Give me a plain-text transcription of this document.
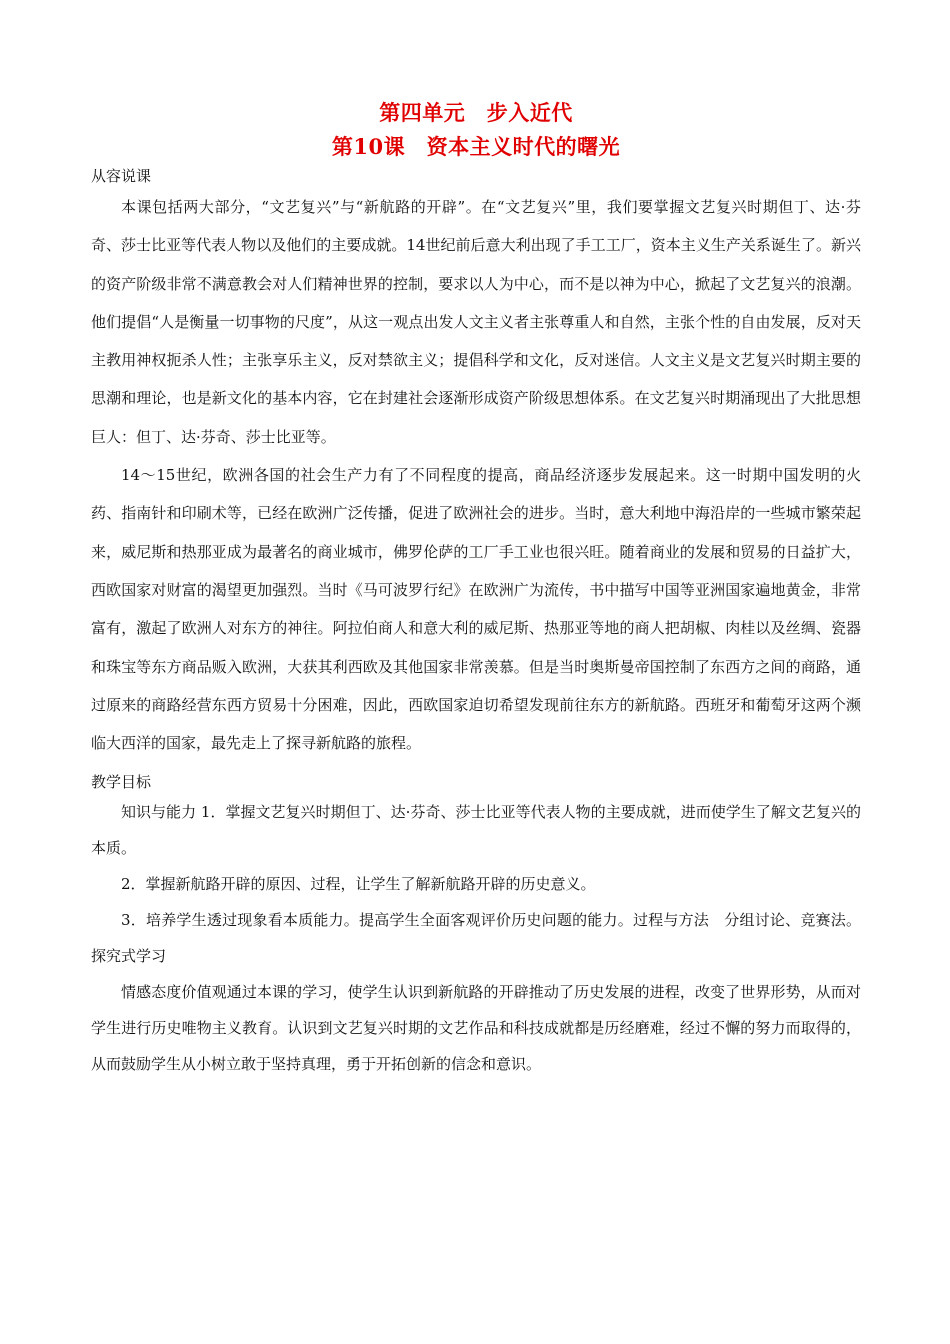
第四单元　步入近代
第10课　资本主义时代的曙光

从容说课

本课包括两大部分，“文艺复兴”与“新航路的开辟”。在“文艺复兴”里，我们要掌握文艺复兴时期但丁、达·芬奇、莎士比亚等代表人物以及他们的主要成就。14世纪前后意大利出现了手工工厂，资本主义生产关系诞生了。新兴的资产阶级非常不满意教会对人们精神世界的控制，要求以人为中心，而不是以神为中心，掀起了文艺复兴的浪潮。他们提倡“人是衡量一切事物的尺度”，从这一观点出发人文主义者主张尊重人和自然，主张个性的自由发展，反对天主教用神权扼杀人性；主张享乐主义，反对禁欲主义；提倡科学和文化，反对迷信。人文主义是文艺复兴时期主要的思潮和理论，也是新文化的基本内容，它在封建社会逐渐形成资产阶级思想体系。在文艺复兴时期涌现出了大批思想巨人：但丁、达·芬奇、莎士比亚等。

14～15世纪，欧洲各国的社会生产力有了不同程度的提高，商品经济逐步发展起来。这一时期中国发明的火药、指南针和印刷术等，已经在欧洲广泛传播，促进了欧洲社会的进步。当时，意大利地中海沿岸的一些城市繁荣起来，威尼斯和热那亚成为最著名的商业城市，佛罗伦萨的工厂手工业也很兴旺。随着商业的发展和贸易的日益扩大，西欧国家对财富的渴望更加强烈。当时《马可波罗行纪》在欧洲广为流传，书中描写中国等亚洲国家遍地黄金，非常富有，激起了欧洲人对东方的神往。阿拉伯商人和意大利的威尼斯、热那亚等地的商人把胡椒、肉桂以及丝绸、瓷器和珠宝等东方商品贩入欧洲，大获其利西欧及其他国家非常羡慕。但是当时奥斯曼帝国控制了东西方之间的商路，通过原来的商路经营东西方贸易十分困难，因此，西欧国家迫切希望发现前往东方的新航路。西班牙和葡萄牙这两个濒临大西洋的国家，最先走上了探寻新航路的旅程。

教学目标

知识与能力 1．掌握文艺复兴时期但丁、达·芬奇、莎士比亚等代表人物的主要成就，进而使学生了解文艺复兴的本质。

2．掌握新航路开辟的原因、过程，让学生了解新航路开辟的历史意义。

3．培养学生透过现象看本质能力。提高学生全面客观评价历史问题的能力。过程与方法　分组讨论、竞赛法。探究式学习

情感态度价值观通过本课的学习，使学生认识到新航路的开辟推动了历史发展的进程，改变了世界形势，从而对学生进行历史唯物主义教育。认识到文艺复兴时期的文艺作品和科技成就都是历经磨难，经过不懈的努力而取得的，从而鼓励学生从小树立敢于坚持真理，勇于开拓创新的信念和意识。
